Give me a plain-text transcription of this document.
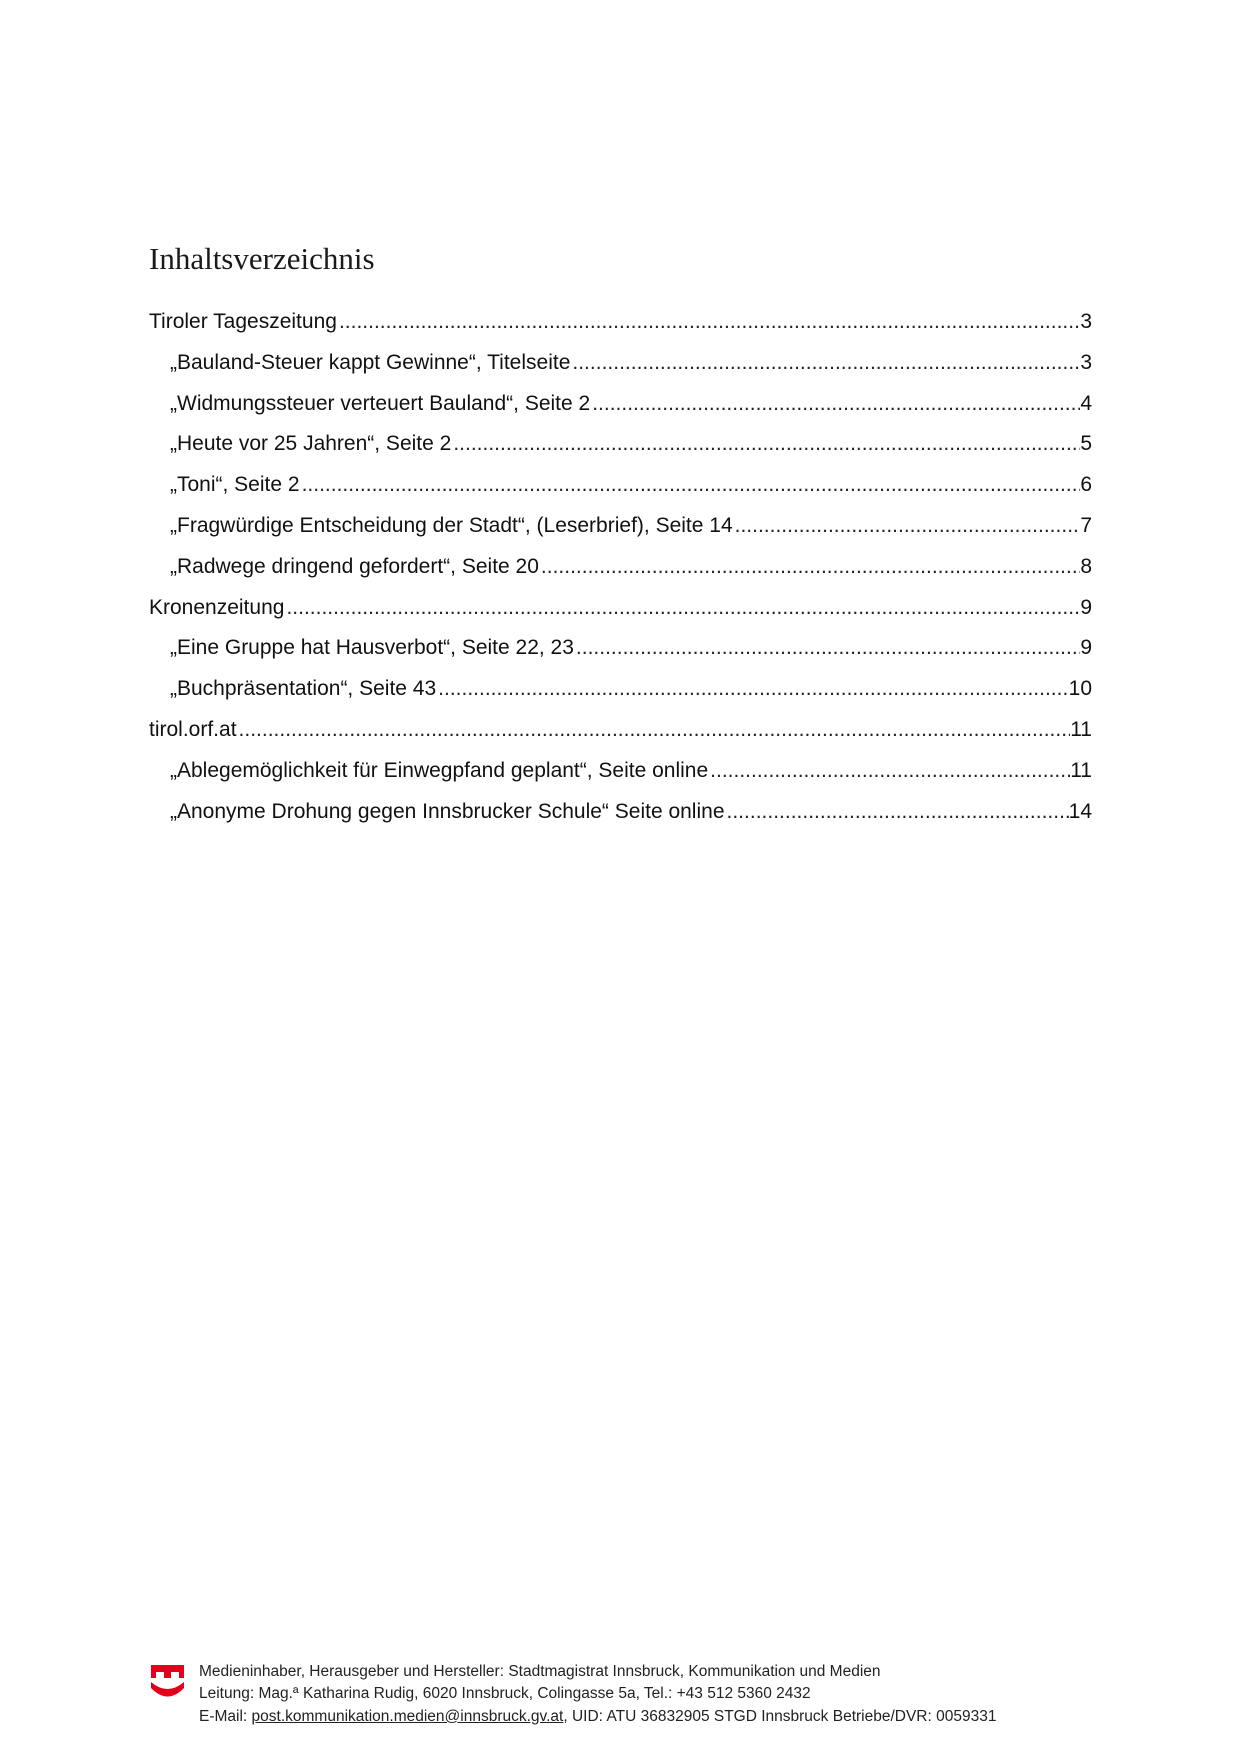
Inhaltsverzeichnis
Tiroler Tageszeitung .....	3
„Bauland-Steuer kappt Gewinne“, Titelseite .....	3
„Widmungssteuer verteuert Bauland“, Seite 2 .....	4
„Heute vor 25 Jahren“, Seite 2 .....	5
„Toni“, Seite 2 .....	6
„Fragwürdige Entscheidung der Stadt“, (Leserbrief), Seite 14 .....	7
„Radwege dringend gefordert“, Seite 20 .....	8
Kronenzeitung .....	9
„Eine Gruppe hat Hausverbot“, Seite 22, 23 .....	9
„Buchpräsentation“, Seite 43 .....	10
tirol.orf.at .....	11
„Ablegemöglichkeit für Einwegpfand geplant“, Seite online .....	11
„Anonyme Drohung gegen Innsbrucker Schule“ Seite online .....	14
Medieninhaber, Herausgeber und Hersteller: Stadtmagistrat Innsbruck, Kommunikation und Medien
Leitung: Mag.ª Katharina Rudig, 6020 Innsbruck, Colingasse 5a, Tel.: +43 512 5360 2432
E-Mail: post.kommunikation.medien@innsbruck.gv.at, UID: ATU 36832905 STGD Innsbruck Betriebe/DVR: 0059331
